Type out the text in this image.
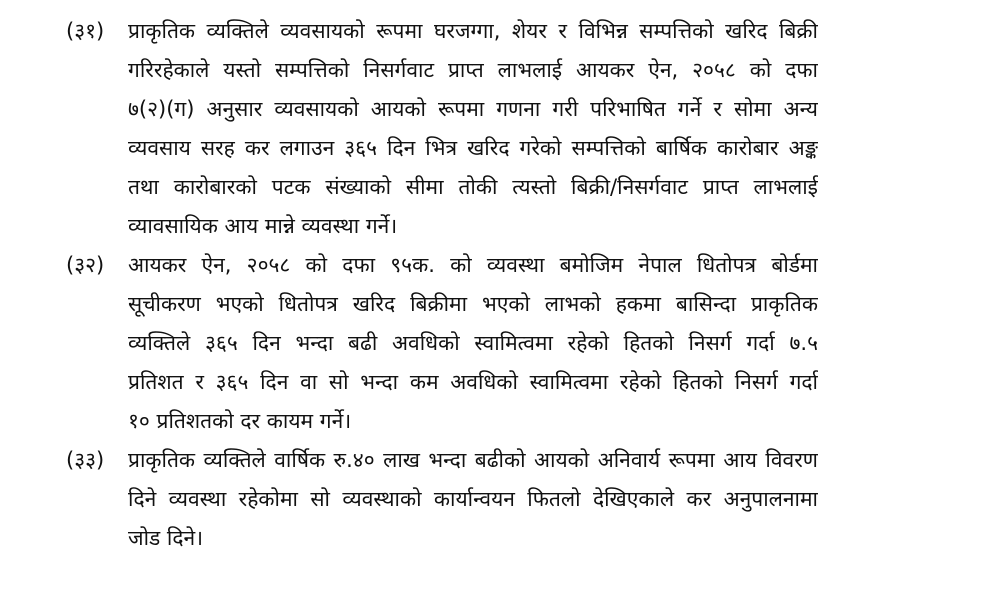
(३१) प्राकृतिक व्यक्तिले व्यवसायको रूपमा घरजग्गा, शेयर र विभिन्न सम्पत्तिको खरिद बिक्री
गरिरहेकाले यस्तो सम्पत्तिको निसर्गवाट प्राप्त लाभलाई आयकर ऐन, २०५८ को दफा
७(२)(ग) अनुसार व्यवसायको आयको रूपमा गणना गरी परिभाषित गर्ने र सोमा अन्य
व्यवसाय सरह कर लगाउन ३६५ दिन भित्र खरिद गरेको सम्पत्तिको बार्षिक कारोबार अङ्क
तथा कारोबारको पटक संख्याको सीमा तोकी त्यस्तो बिक्री/निसर्गवाट प्राप्त लाभलाई
व्यावसायिक आय मान्ने व्यवस्था गर्ने।
(३२) आयकर ऐन, २०५८ को दफा ९५क. को व्यवस्था बमोजिम नेपाल धितोपत्र बोर्डमा
सूचीकरण भएको धितोपत्र खरिद बिक्रीमा भएको लाभको हकमा बासिन्दा प्राकृतिक
व्यक्तिले ३६५ दिन भन्दा बढी अवधिको स्वामित्वमा रहेको हितको निसर्ग गर्दा ७.५
प्रतिशत र ३६५ दिन वा सो भन्दा कम अवधिको स्वामित्वमा रहेको हितको निसर्ग गर्दा
१० प्रतिशतको दर कायम गर्ने।
(३३) प्राकृतिक व्यक्तिले वार्षिक रु.४० लाख भन्दा बढीको आयको अनिवार्य रूपमा आय विवरण
दिने व्यवस्था रहेकोमा सो व्यवस्थाको कार्यान्वयन फितलो देखिएकाले कर अनुपालनामा
जोड दिने।
